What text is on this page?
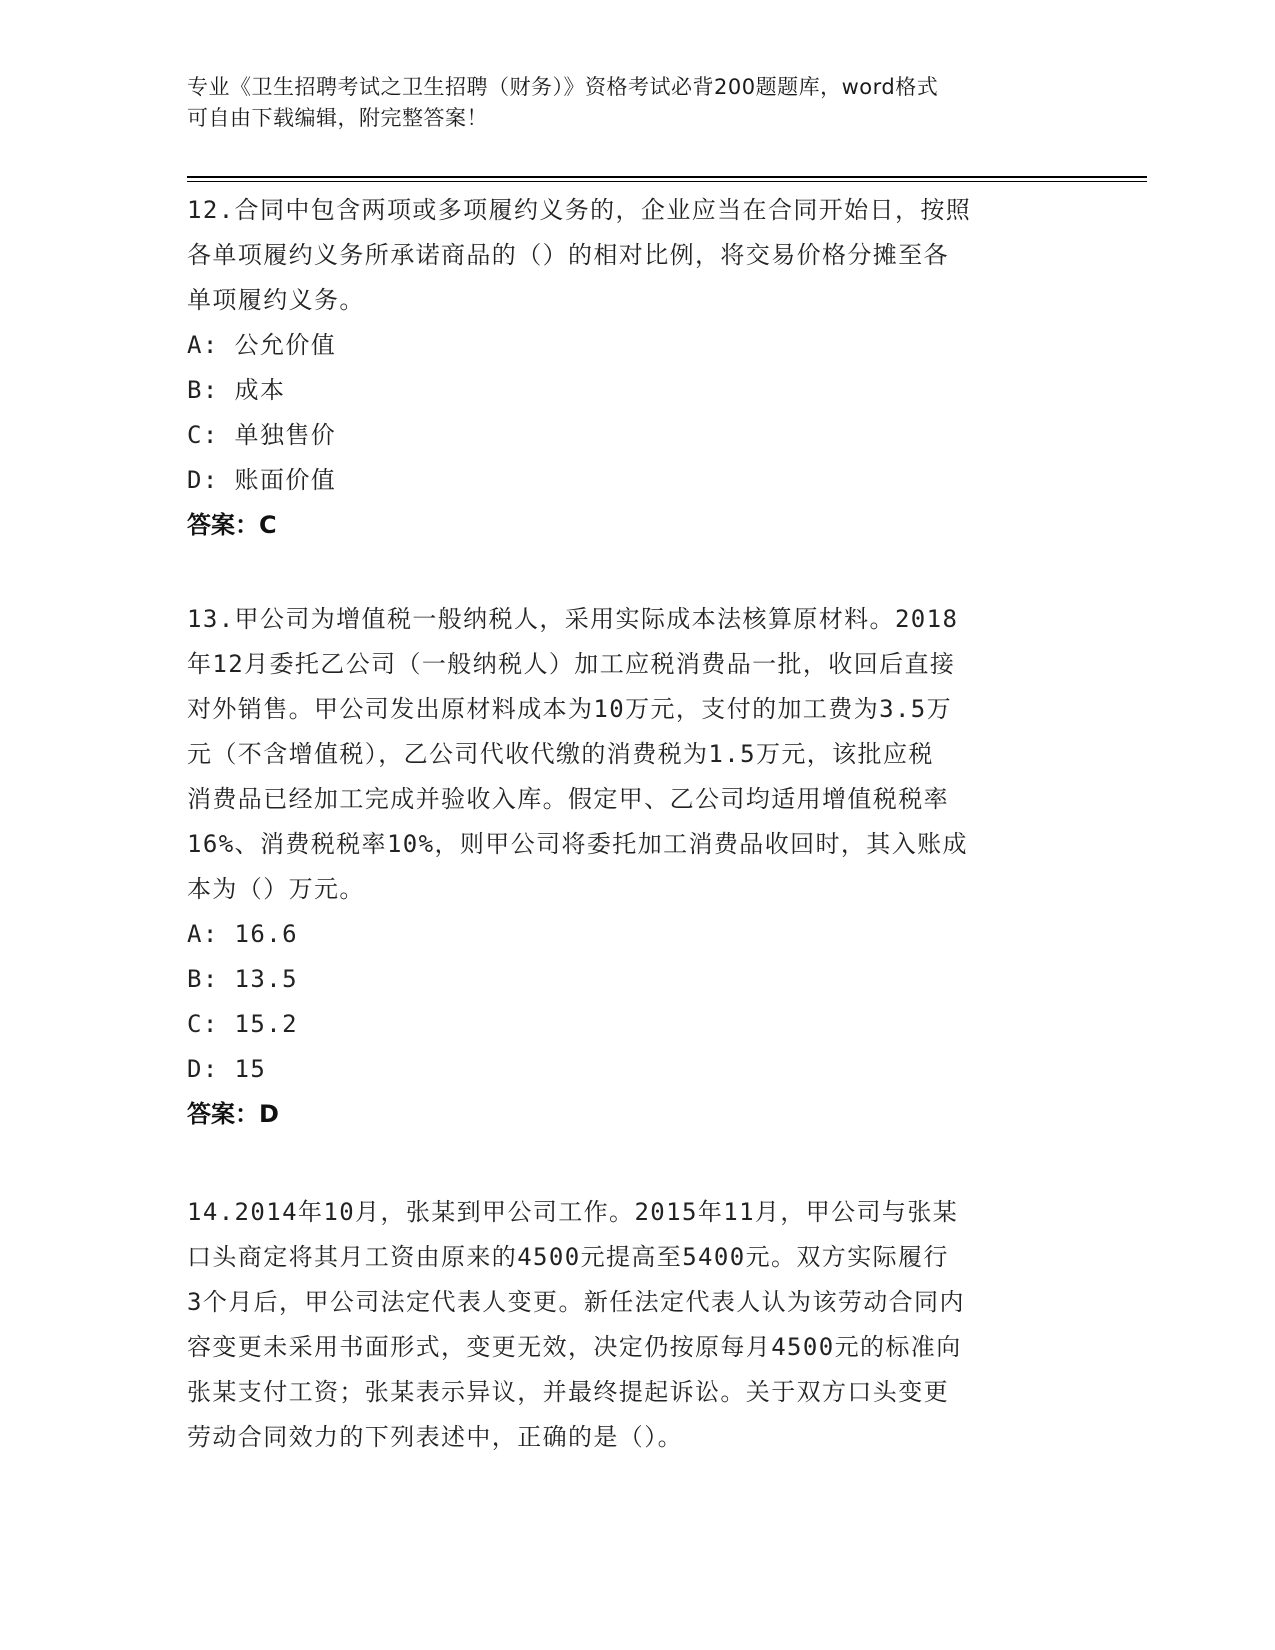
专业《卫生招聘考试之卫生招聘（财务）》资格考试必背200题题库，word格式
可自由下载编辑，附完整答案！
12.合同中包含两项或多项履约义务的，企业应当在合同开始日，按照
各单项履约义务所承诺商品的（）的相对比例，将交易价格分摊至各
单项履约义务。
A: 公允价值
B: 成本
C: 单独售价
D: 账面价值
答案：C
13.甲公司为增值税一般纳税人，采用实际成本法核算原材料。2018
年12月委托乙公司（一般纳税人）加工应税消费品一批，收回后直接
对外销售。甲公司发出原材料成本为10万元，支付的加工费为3.5万
元（不含增值税），乙公司代收代缴的消费税为1.5万元，该批应税
消费品已经加工完成并验收入库。假定甲、乙公司均适用增值税税率
16%、消费税税率10%，则甲公司将委托加工消费品收回时，其入账成
本为（）万元。
A: 16.6
B: 13.5
C: 15.2
D: 15
答案：D
14.2014年10月，张某到甲公司工作。2015年11月，甲公司与张某
口头商定将其月工资由原来的4500元提高至5400元。双方实际履行
3个月后，甲公司法定代表人变更。新任法定代表人认为该劳动合同内
容变更未采用书面形式，变更无效，决定仍按原每月4500元的标准向
张某支付工资；张某表示异议，并最终提起诉讼。关于双方口头变更
劳动合同效力的下列表述中，正确的是（）。
